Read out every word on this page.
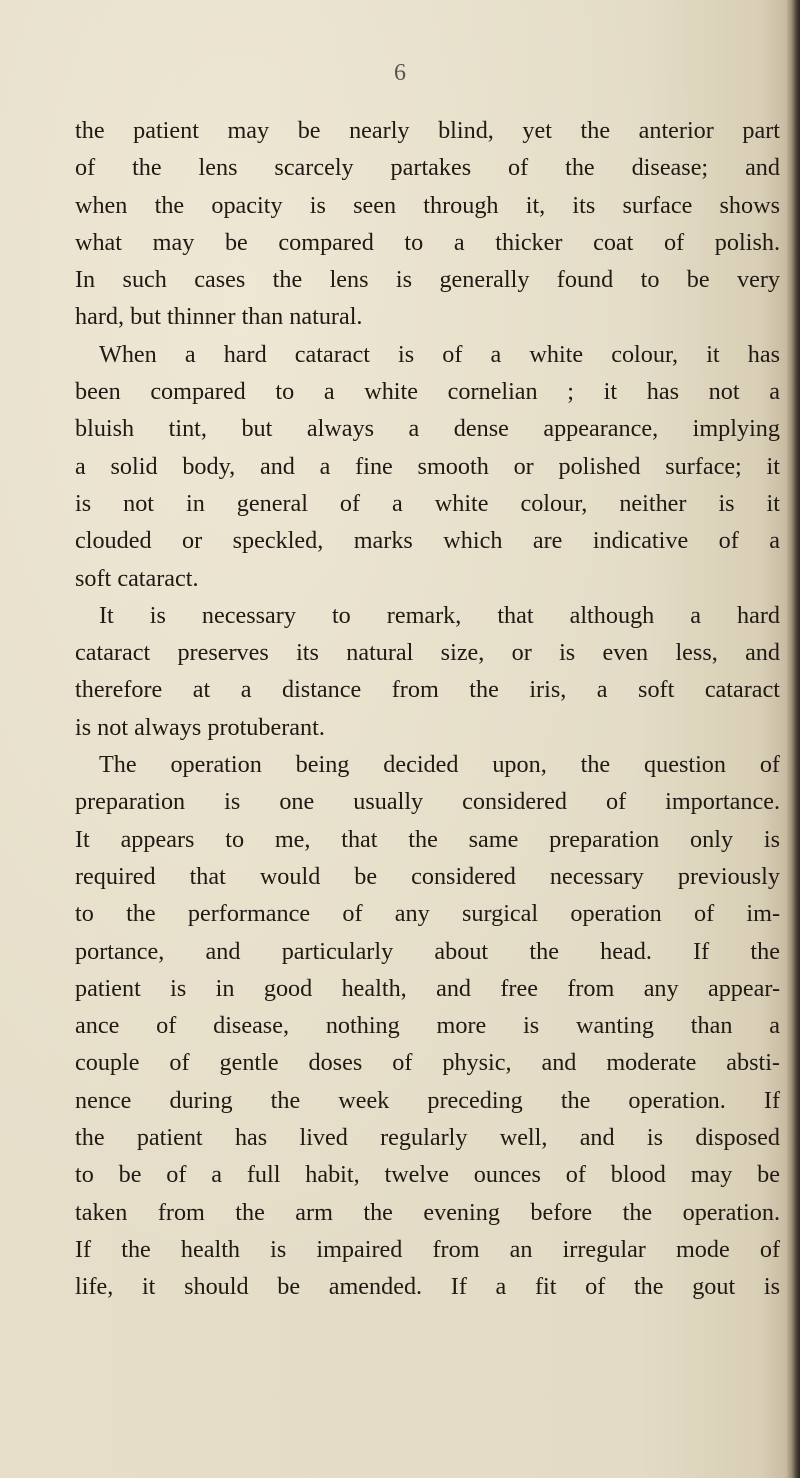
6
the patient may be nearly blind, yet the anterior part
of the lens scarcely partakes of the disease; and
when the opacity is seen through it, its surface shows
what may be compared to a thicker coat of polish.
In such cases the lens is generally found to be very
hard, but thinner than natural.
When a hard cataract is of a white colour, it has
been compared to a white cornelian ; it has not a
bluish tint, but always a dense appearance, implying
a solid body, and a fine smooth or polished surface; it
is not in general of a white colour, neither is it
clouded or speckled, marks which are indicative of a
soft cataract.
It is necessary to remark, that although a hard
cataract preserves its natural size, or is even less, and
therefore at a distance from the iris, a soft cataract
is not always protuberant.
The operation being decided upon, the question of
preparation is one usually considered of importance.
It appears to me, that the same preparation only is
required that would be considered necessary previously
to the performance of any surgical operation of im-
portance, and particularly about the head. If the
patient is in good health, and free from any appear-
ance of disease, nothing more is wanting than a
couple of gentle doses of physic, and moderate absti-
nence during the week preceding the operation. If
the patient has lived regularly well, and is disposed
to be of a full habit, twelve ounces of blood may be
taken from the arm the evening before the operation.
If the health is impaired from an irregular mode of
life, it should be amended. If a fit of the gout is
